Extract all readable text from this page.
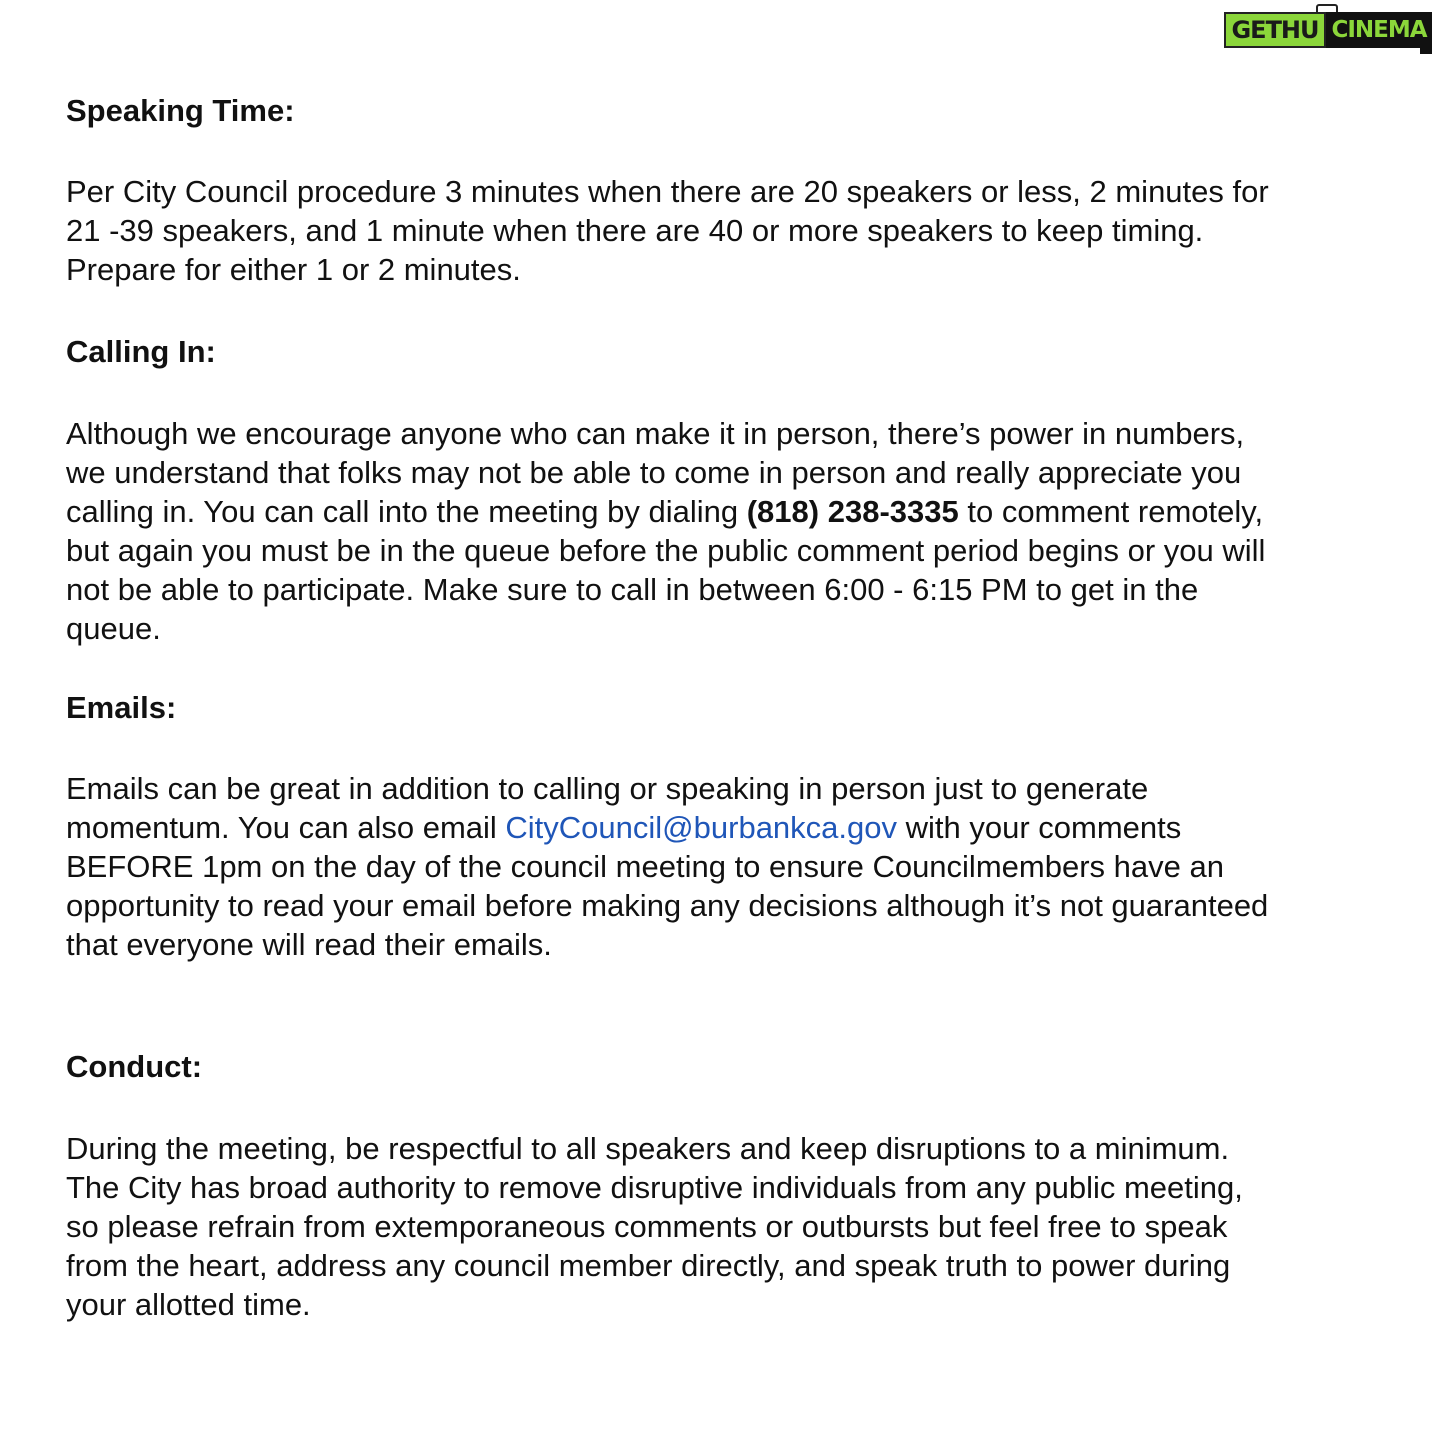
GETHU CINEMA
Speaking Time:

Per City Council procedure 3 minutes when there are 20 speakers or less, 2 minutes for
21 -39 speakers, and 1 minute when there are 40 or more speakers to keep timing.
Prepare for either 1 or 2 minutes.

Calling In:

Although we encourage anyone who can make it in person, there’s power in numbers,
we understand that folks may not be able to come in person and really appreciate you
calling in. You can call into the meeting by dialing (818) 238-3335 to comment remotely,
but again you must be in the queue before the public comment period begins or you will
not be able to participate. Make sure to call in between 6:00 - 6:15 PM to get in the
queue.

Emails:

Emails can be great in addition to calling or speaking in person just to generate
momentum. You can also email CityCouncil@burbankca.gov with your comments
BEFORE 1pm on the day of the council meeting to ensure Councilmembers have an
opportunity to read your email before making any decisions although it’s not guaranteed
that everyone will read their emails.

Conduct:

During the meeting, be respectful to all speakers and keep disruptions to a minimum.
The City has broad authority to remove disruptive individuals from any public meeting,
so please refrain from extemporaneous comments or outbursts but feel free to speak
from the heart, address any council member directly, and speak truth to power during
your allotted time.
